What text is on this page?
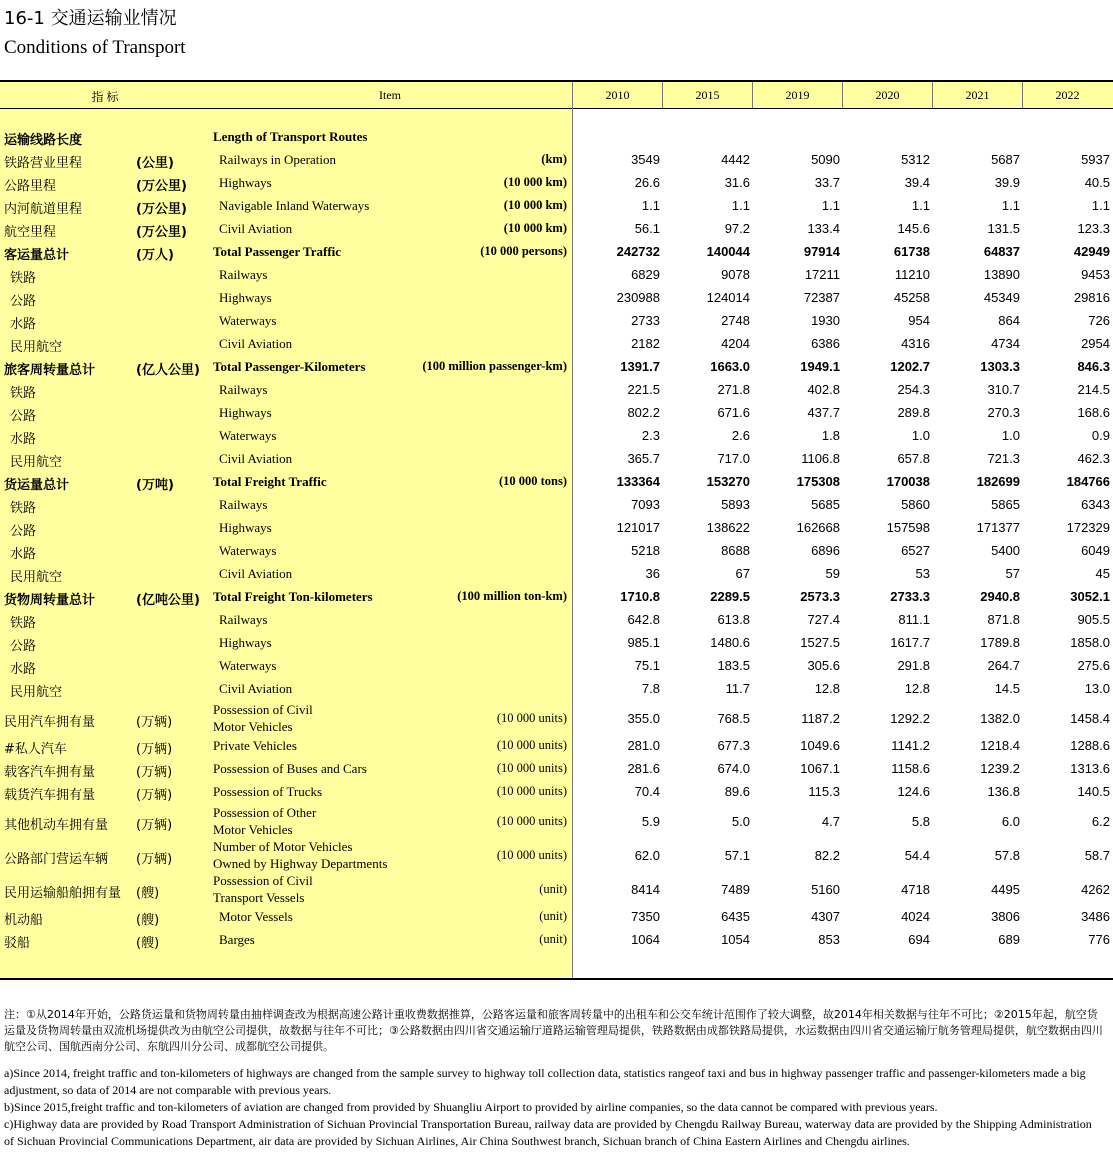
16-1 交通运输业情况
Conditions of Transport
指 标	Item	2010	2015	2019	2020	2021	2022
运输线路长度	Length of Transport Routes
铁路营业里程	(公里)	Railways in Operation	(km)	3549	4442	5090	5312	5687	5937
公路里程	(万公里) Highways	(10 000 km)	26.6	31.6	33.7	39.4	39.9	40.5
内河航道里程	(万公里) Navigable Inland Waterways	(10 000 km)	1.1	1.1	1.1	1.1	1.1	1.1
航空里程	(万公里) Civil Aviation	(10 000 km)	56.1	97.2	133.4	145.6	131.5	123.3
客运量总计	(万人)	Total Passenger Traffic	(10 000 persons)	242732	140044	97914	61738	64837	42949
铁路	Railways	6829	9078	17211	11210	13890	9453
公路	Highways	230988	124014	72387	45258	45349	29816
水路	Waterways	2733	2748	1930	954	864	726
民用航空	Civil Aviation	2182	4204	6386	4316	4734	2954
旅客周转量总计	(亿人公里) Total Passenger-Kilometers	(100 million passenger-km)	1391.7	1663.0	1949.1	1202.7	1303.3	846.3
铁路	Railways	221.5	271.8	402.8	254.3	310.7	214.5
公路	Highways	802.2	671.6	437.7	289.8	270.3	168.6
水路	Waterways	2.3	2.6	1.8	1.0	1.0	0.9
民用航空	Civil Aviation	365.7	717.0	1106.8	657.8	721.3	462.3
货运量总计	(万吨)	Total Freight Traffic	(10 000 tons)	133364	153270	175308	170038	182699	184766
铁路	Railways	7093	5893	5685	5860	5865	6343
公路	Highways	121017	138622	162668	157598	171377	172329
水路	Waterways	5218	8688	6896	6527	5400	6049
民用航空	Civil Aviation	36	67	59	53	57	45
货物周转量总计	(亿吨公里) Total Freight Ton-kilometers	(100 million ton-km)	1710.8	2289.5	2573.3	2733.3	2940.8	3052.1
铁路	Railways	642.8	613.8	727.4	811.1	871.8	905.5
公路	Highways	985.1	1480.6	1527.5	1617.7	1789.8	1858.0
水路	Waterways	75.1	183.5	305.6	291.8	264.7	275.6
民用航空	Civil Aviation	7.8	11.7	12.8	12.8	14.5	13.0
民用汽车拥有量	(万辆)
Possession of Civil
Motor Vehicles
(10 000 units)	355.0	768.5	1187.2	1292.2	1382.0	1458.4
#私人汽车	(万辆)	Private Vehicles	(10 000 units)	281.0	677.3	1049.6	1141.2	1218.4	1288.6
载客汽车拥有量	(万辆)	Possession of Buses and Cars	(10 000 units)	281.6	674.0	1067.1	1158.6	1239.2	1313.6
载货汽车拥有量	(万辆)	Possession of Trucks	(10 000 units)	70.4	89.6	115.3	124.6	136.8	140.5
其他机动车拥有量 (万辆)
Possession of Other
Motor Vehicles
(10 000 units)	5.9	5.0	4.7	5.8	6.0	6.2
公路部门营运车辆 (万辆)
Number of Motor Vehicles
Owned by Highway Departments
(10 000 units)	62.0	57.1	82.2	54.4	57.8	58.7
民用运输船舶拥有量 (艘)
Possession of Civil
Transport Vessels
(unit)	8414	7489	5160	4718	4495	4262
机动船	(艘)	Motor Vessels	(unit)	7350	6435	4307	4024	3806	3486
驳船	(艘)	Barges	(unit)	1064	1054	853	694	689	776
注：①从2014年开始，公路货运量和货物周转量由抽样调查改为根据高速公路计重收费数据推算，公路客运量和旅客周转量中的出租车和公交车统计范围作了较大调整，故2014年相关数据与往年不可比；②2015年起，航空货运量及货物周转量由双流机场提供改为由航空公司提供，故数据与往年不可比；③公路数据由四川省交通运输厅道路运输管理局提供，铁路数据由成都铁路局提供，水运数据由四川省交通运输厅航务管理局提供，航空数据由四川航空公司、国航西南分公司、东航四川分公司、成都航空公司提供。
a)Since 2014, freight traffic and ton-kilometers of highways are changed from the sample survey to highway toll collection data, statistics rangeof taxi and bus in highway passenger traffic and passenger-kilometers made a big adjustment, so data of 2014 are not comparable with previous years.
b)Since 2015,freight traffic and ton-kilometers of aviation are changed from provided by Shuangliu Airport to provided by airline companies, so the data cannot be compared with previous years.
c)Highway data are provided by Road Transport Administration of Sichuan Provincial Transportation Bureau, railway data are provided by Chengdu Railway Bureau, waterway data are provided by the Shipping Administration of Sichuan Provincial Communications Department, air data are provided by Sichuan Airlines, Air China Southwest branch, Sichuan branch of China Eastern Airlines and Chengdu airlines.
